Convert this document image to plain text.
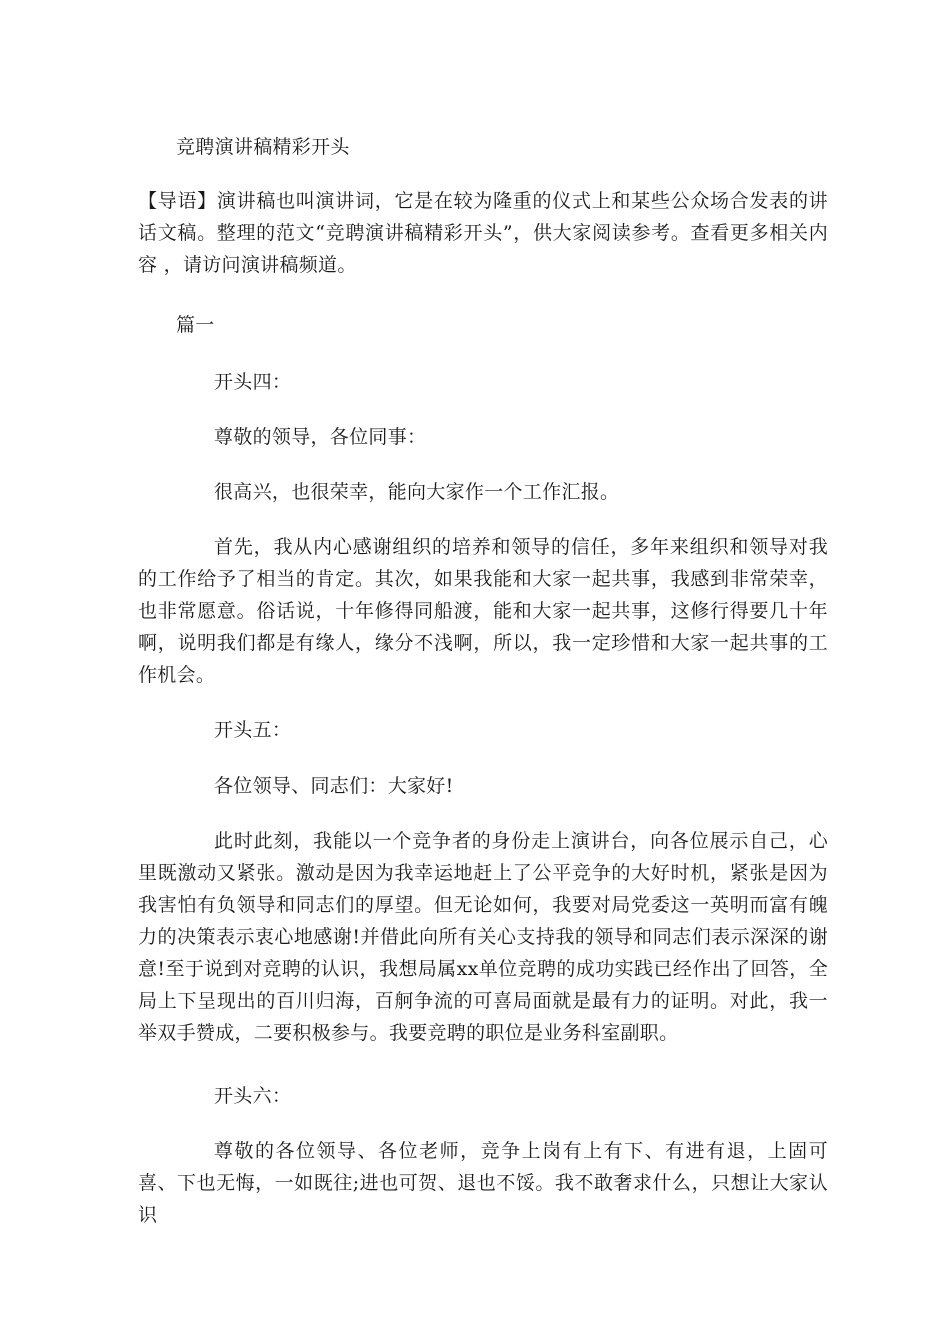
竞聘演讲稿精彩开头
【导语】演讲稿也叫演讲词，它是在较为隆重的仪式上和某些公众场合发表的讲话文稿。整理的范文“竞聘演讲稿精彩开头”，供大家阅读参考。查看更多相关内容 ，请访问演讲稿频道。
篇一
开头四：
尊敬的领导，各位同事：
很高兴，也很荣幸，能向大家作一个工作汇报。
首先，我从内心感谢组织的培养和领导的信任，多年来组织和领导对我的工作给予了相当的肯定。其次，如果我能和大家一起共事，我感到非常荣幸，也非常愿意。俗话说，十年修得同船渡，能和大家一起共事，这修行得要几十年啊，说明我们都是有缘人，缘分不浅啊，所以，我一定珍惜和大家一起共事的工作机会。
开头五：
各位领导、同志们：大家好!
此时此刻，我能以一个竞争者的身份走上演讲台，向各位展示自己，心里既激动又紧张。激动是因为我幸运地赶上了公平竞争的大好时机，紧张是因为我害怕有负领导和同志们的厚望。但无论如何，我要对局党委这一英明而富有魄力的决策表示衷心地感谢!并借此向所有关心支持我的领导和同志们表示深深的谢意!至于说到对竞聘的认识，我想局属xx单位竞聘的成功实践已经作出了回答，全局上下呈现出的百川归海，百舸争流的可喜局面就是最有力的证明。对此，我一举双手赞成，二要积极参与。我要竞聘的职位是业务科室副职。
开头六：
尊敬的各位领导、各位老师，竞争上岗有上有下、有进有退，上固可喜、下也无悔，一如既往;进也可贺、退也不馁。我不敢奢求什么，只想让大家认识
